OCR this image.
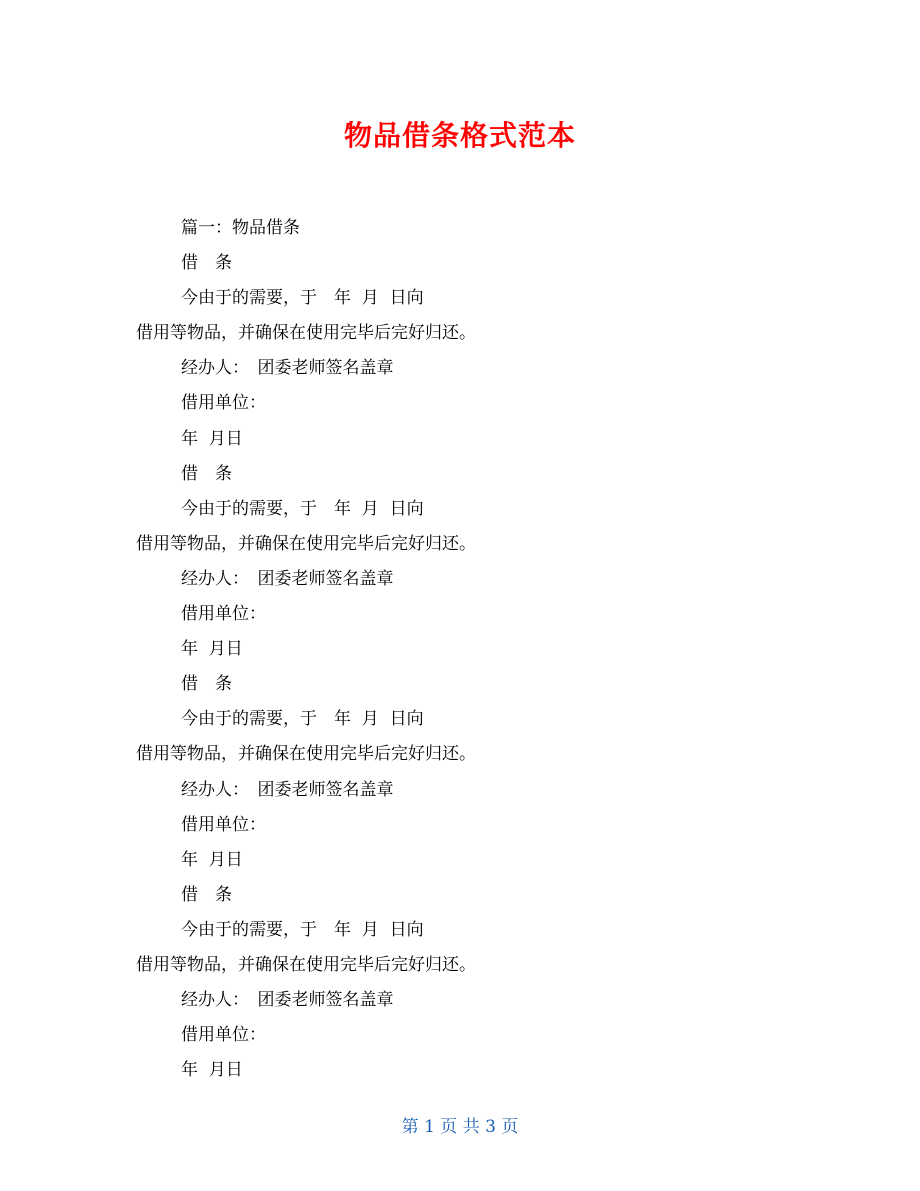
物品借条格式范本
篇一：物品借条
借　条
今由于的需要，于　年  月  日向
借用等物品，并确保在使用完毕后完好归还。
经办人：　团委老师签名盖章
借用单位：
年  月日
借　条
今由于的需要，于　年  月  日向
借用等物品，并确保在使用完毕后完好归还。
经办人：　团委老师签名盖章
借用单位：
年  月日
借　条
今由于的需要，于　年  月  日向
借用等物品，并确保在使用完毕后完好归还。
经办人：　团委老师签名盖章
借用单位：
年  月日
借　条
今由于的需要，于　年  月  日向
借用等物品，并确保在使用完毕后完好归还。
经办人：　团委老师签名盖章
借用单位：
年  月日
第 1 页 共 3 页
